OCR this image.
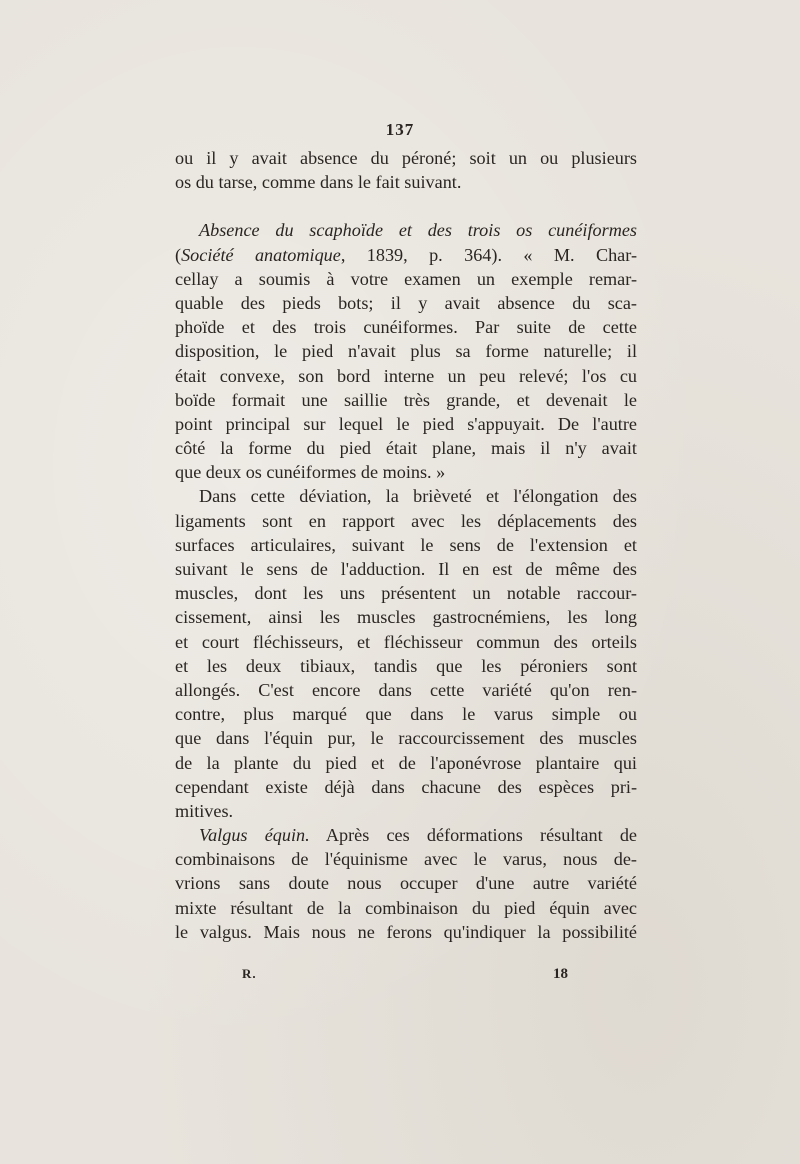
137
ou il y avait absence du péroné; soit un ou plusieurs
os du tarse, comme dans le fait suivant.
Absence du scaphoïde et des trois os cunéiformes
(Société anatomique, 1839, p. 364). « M. Char-
cellay a soumis à votre examen un exemple remar-
quable des pieds bots; il y avait absence du sca-
phoïde et des trois cunéiformes. Par suite de cette
disposition, le pied n'avait plus sa forme naturelle; il
était convexe, son bord interne un peu relevé; l'os cu
boïde formait une saillie très grande, et devenait le
point principal sur lequel le pied s'appuyait. De l'autre
côté la forme du pied était plane, mais il n'y avait
que deux os cunéiformes de moins. »
Dans cette déviation, la brièveté et l'élongation des
ligaments sont en rapport avec les déplacements des
surfaces articulaires, suivant le sens de l'extension et
suivant le sens de l'adduction. Il en est de même des
muscles, dont les uns présentent un notable raccour-
cissement, ainsi les muscles gastrocnémiens, les long
et court fléchisseurs, et fléchisseur commun des orteils
et les deux tibiaux, tandis que les péroniers sont
allongés. C'est encore dans cette variété qu'on ren-
contre, plus marqué que dans le varus simple ou
que dans l'équin pur, le raccourcissement des muscles
de la plante du pied et de l'aponévrose plantaire qui
cependant existe déjà dans chacune des espèces pri-
mitives.
Valgus équin. Après ces déformations résultant de
combinaisons de l'équinisme avec le varus, nous de-
vrions sans doute nous occuper d'une autre variété
mixte résultant de la combinaison du pied équin avec
le valgus. Mais nous ne ferons qu'indiquer la possibilité
R.	18
